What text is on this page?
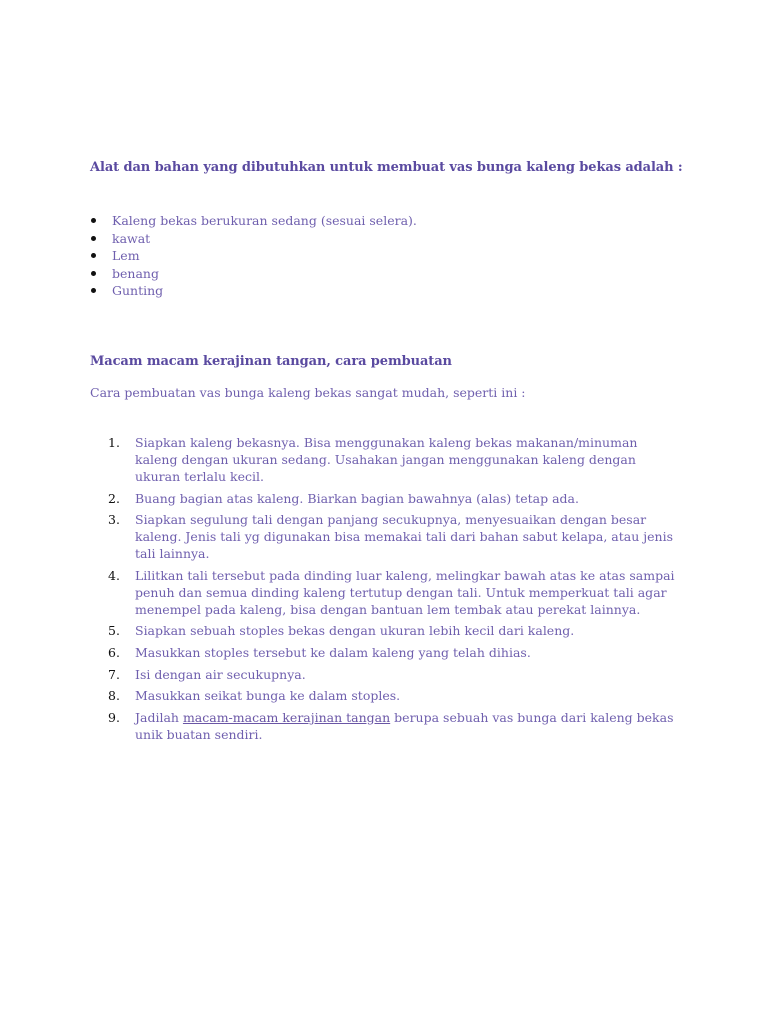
Alat dan bahan yang dibutuhkan untuk membuat vas bunga kaleng bekas adalah :
Kaleng bekas berukuran sedang (sesuai selera).
kawat
Lem
benang
Gunting
Macam macam kerajinan tangan, cara pembuatan
Cara pembuatan vas bunga kaleng bekas sangat mudah, seperti ini :
1. Siapkan kaleng bekasnya. Bisa menggunakan kaleng bekas makanan/minuman kaleng dengan ukuran sedang. Usahakan jangan menggunakan kaleng dengan ukuran terlalu kecil.
2. Buang bagian atas kaleng. Biarkan bagian bawahnya (alas) tetap ada.
3. Siapkan segulung tali dengan panjang secukupnya, menyesuaikan dengan besar kaleng. Jenis tali yg digunakan bisa memakai tali dari bahan sabut kelapa, atau jenis tali lainnya.
4. Lilitkan tali tersebut pada dinding luar kaleng, melingkar bawah atas ke atas sampai penuh dan semua dinding kaleng tertutup dengan tali. Untuk memperkuat tali agar menempel pada kaleng, bisa dengan bantuan lem tembak atau perekat lainnya.
5. Siapkan sebuah stoples bekas dengan ukuran lebih kecil dari kaleng.
6. Masukkan stoples tersebut ke dalam kaleng yang telah dihias.
7. Isi dengan air secukupnya.
8. Masukkan seikat bunga ke dalam stoples.
9. Jadilah macam-macam kerajinan tangan berupa sebuah vas bunga dari kaleng bekas unik buatan sendiri.
